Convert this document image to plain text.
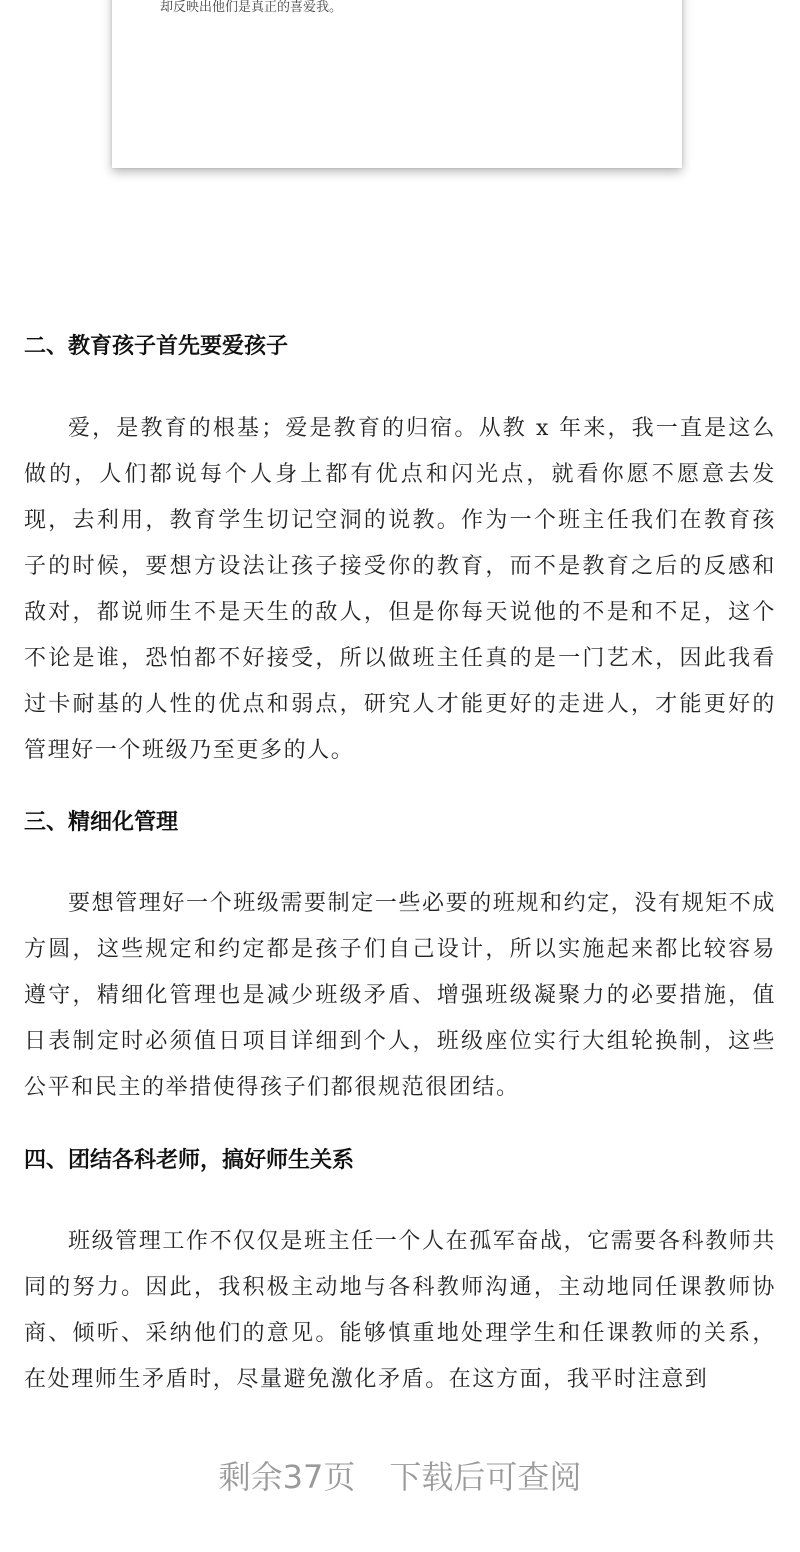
却反映出他们是真正的喜爱我。
二、教育孩子首先要爱孩子

爱，是教育的根基；爱是教育的归宿。从教 x 年来，我一直是这么做的，人们都说每个人身上都有优点和闪光点，就看你愿不愿意去发现，去利用，教育学生切记空洞的说教。作为一个班主任我们在教育孩子的时候，要想方设法让孩子接受你的教育，而不是教育之后的反感和敌对，都说师生不是天生的敌人，但是你每天说他的不是和不足，这个不论是谁，恐怕都不好接受，所以做班主任真的是一门艺术，因此我看过卡耐基的人性的优点和弱点，研究人才能更好的走进人，才能更好的管理好一个班级乃至更多的人。

三、精细化管理

要想管理好一个班级需要制定一些必要的班规和约定，没有规矩不成方圆，这些规定和约定都是孩子们自己设计，所以实施起来都比较容易遵守，精细化管理也是减少班级矛盾、增强班级凝聚力的必要措施，值日表制定时必须值日项目详细到个人，班级座位实行大组轮换制，这些公平和民主的举措使得孩子们都很规范很团结。

四、团结各科老师，搞好师生关系

班级管理工作不仅仅是班主任一个人在孤军奋战，它需要各科教师共同的努力。因此，我积极主动地与各科教师沟通，主动地同任课教师协商、倾听、采纳他们的意见。能够慎重地处理学生和任课教师的关系，在处理师生矛盾时，尽量避免激化矛盾。在这方面，我平时注意到

剩余37页 下载后可查阅
